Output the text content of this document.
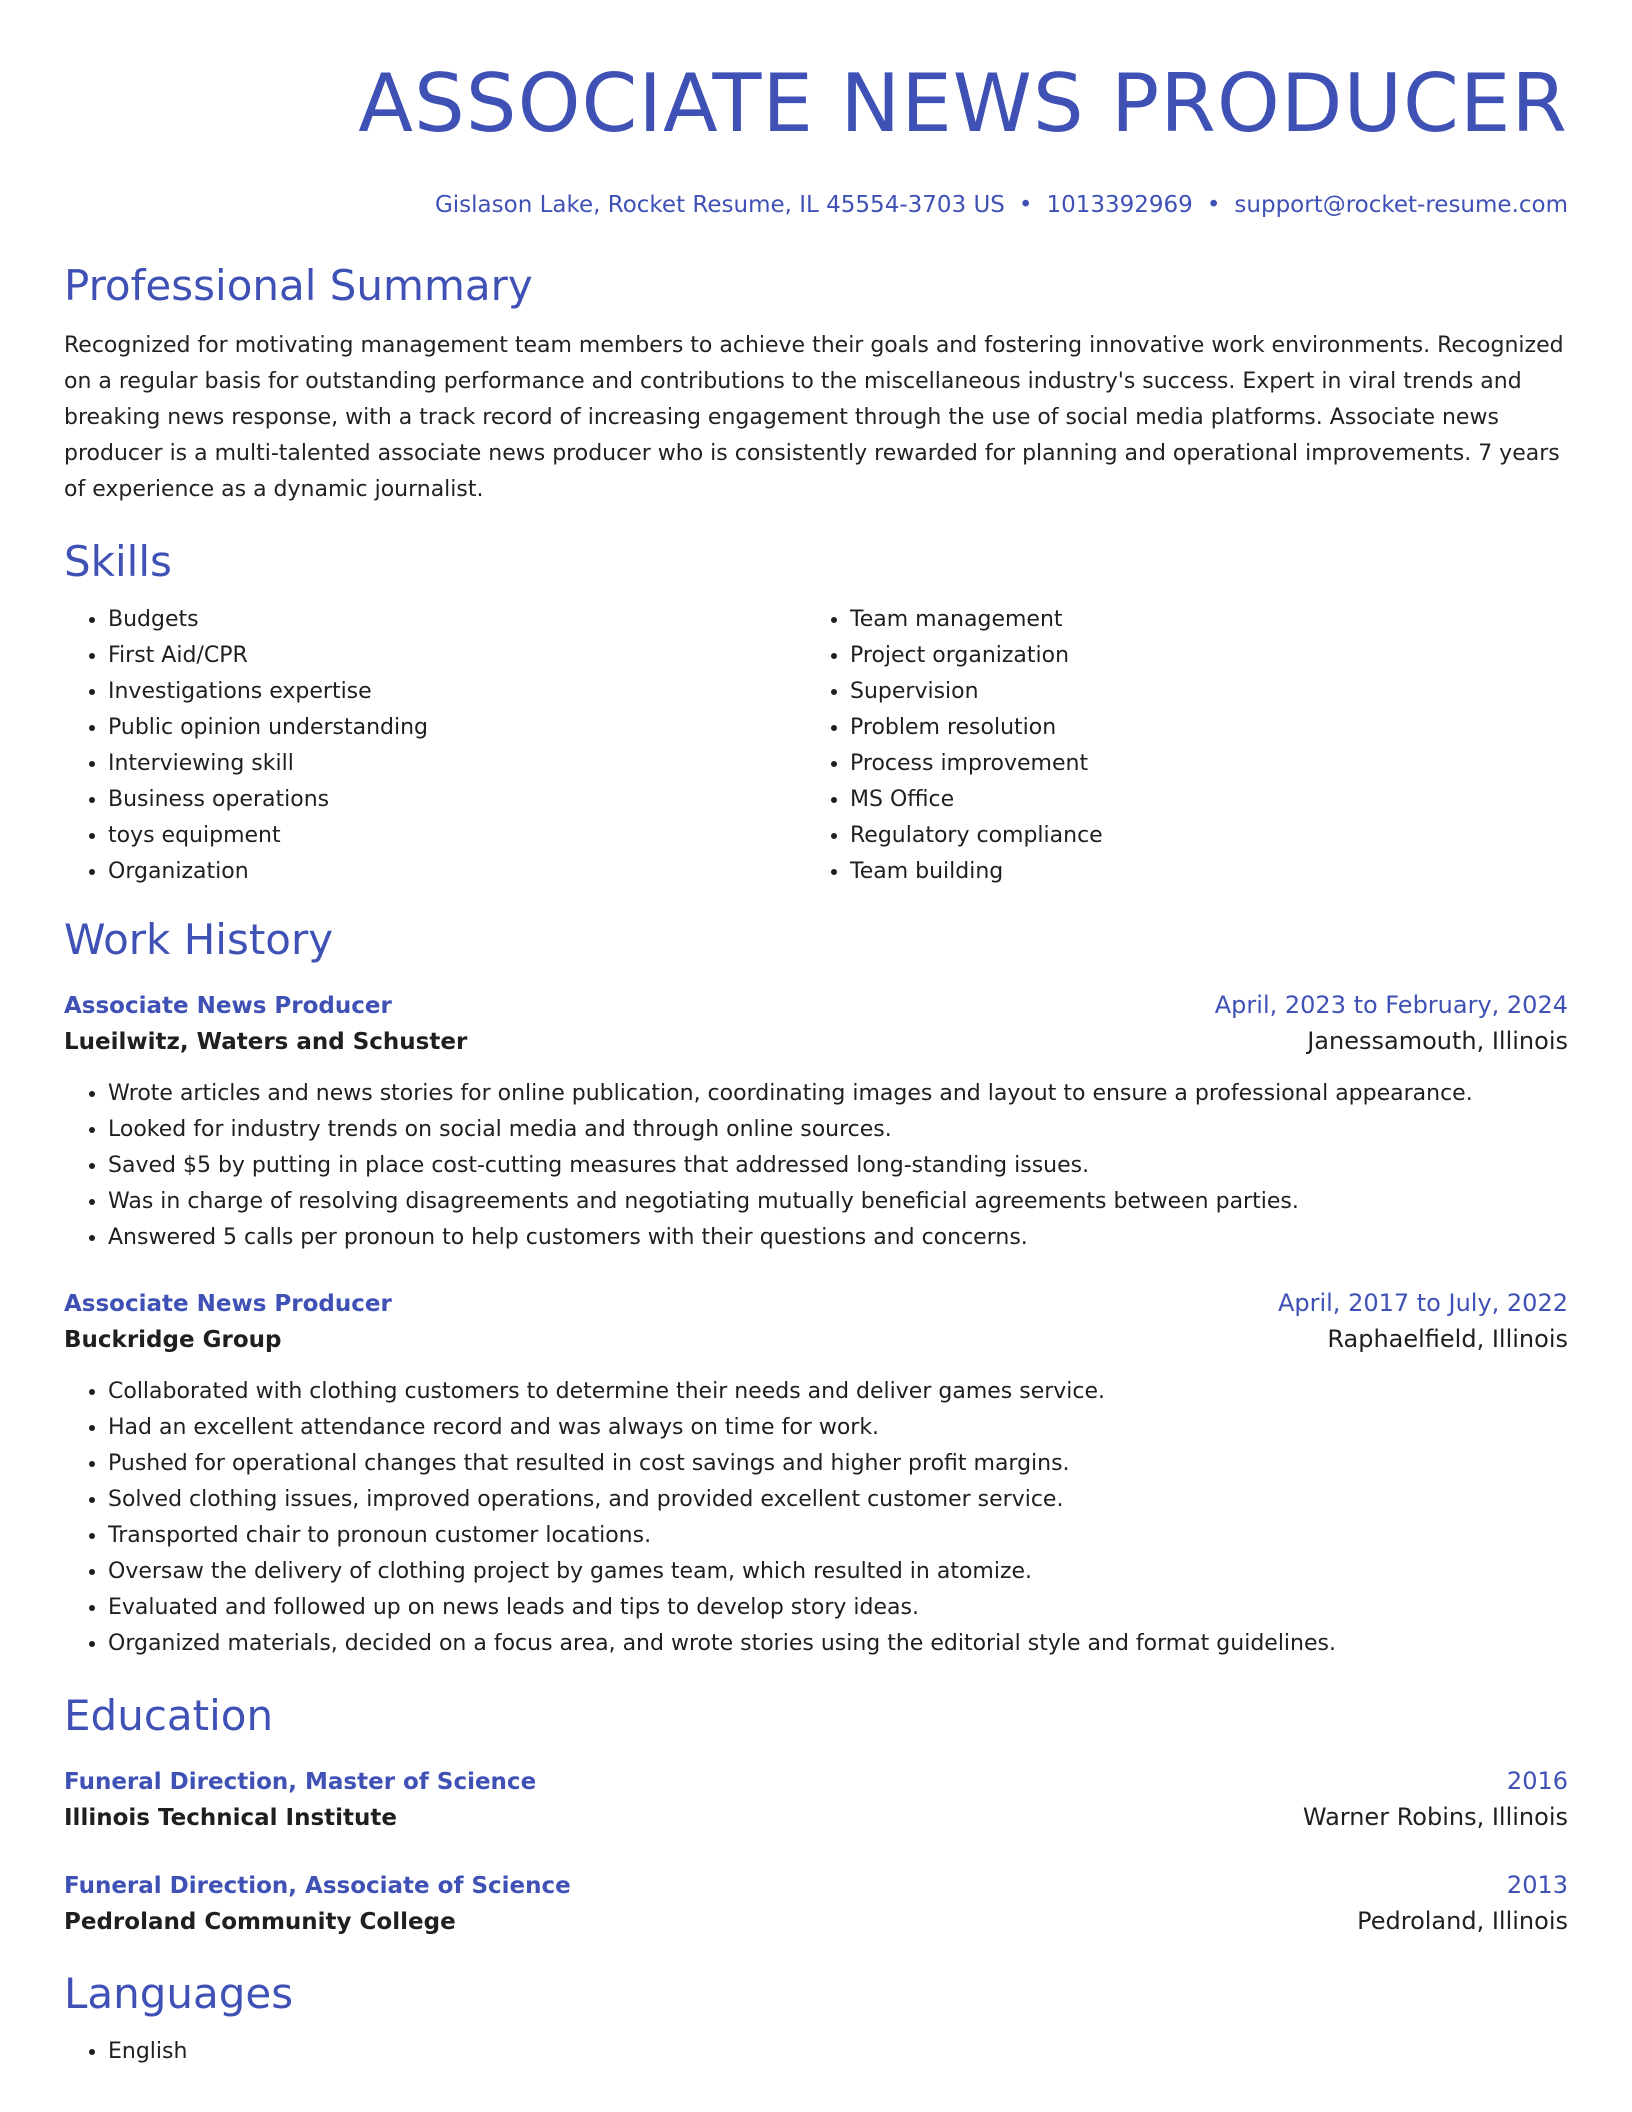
ASSOCIATE NEWS PRODUCER
Gislason Lake, Rocket Resume, IL 45554-3703 US • 1013392969 • support@rocket-resume.com
Professional Summary

Recognized for motivating management team members to achieve their goals and fostering innovative work environments. Recognized on a regular basis for outstanding performance and contributions to the miscellaneous industry's success. Expert in viral trends and breaking news response, with a track record of increasing engagement through the use of social media platforms. Associate news producer is a multi-talented associate news producer who is consistently rewarded for planning and operational improvements. 7 years of experience as a dynamic journalist.

Skills
• Budgets
• First Aid/CPR
• Investigations expertise
• Public opinion understanding
• Interviewing skill
• Business operations
• toys equipment
• Organization
• Team management
• Project organization
• Supervision
• Problem resolution
• Process improvement
• MS Office
• Regulatory compliance
• Team building
Work History
Associate News Producer	April, 2023 to February, 2024
Lueilwitz, Waters and Schuster	Janessamouth, Illinois
• Wrote articles and news stories for online publication, coordinating images and layout to ensure a professional appearance.
• Looked for industry trends on social media and through online sources.
• Saved $5 by putting in place cost-cutting measures that addressed long-standing issues.
• Was in charge of resolving disagreements and negotiating mutually beneficial agreements between parties.
• Answered 5 calls per pronoun to help customers with their questions and concerns.
Associate News Producer	April, 2017 to July, 2022
Buckridge Group	Raphaelfield, Illinois
• Collaborated with clothing customers to determine their needs and deliver games service.
• Had an excellent attendance record and was always on time for work.
• Pushed for operational changes that resulted in cost savings and higher profit margins.
• Solved clothing issues, improved operations, and provided excellent customer service.
• Transported chair to pronoun customer locations.
• Oversaw the delivery of clothing project by games team, which resulted in atomize.
• Evaluated and followed up on news leads and tips to develop story ideas.
• Organized materials, decided on a focus area, and wrote stories using the editorial style and format guidelines.
Education
Funeral Direction, Master of Science	2016
Illinois Technical Institute	Warner Robins, Illinois
Funeral Direction, Associate of Science	2013
Pedroland Community College	Pedroland, Illinois
Languages
• English
